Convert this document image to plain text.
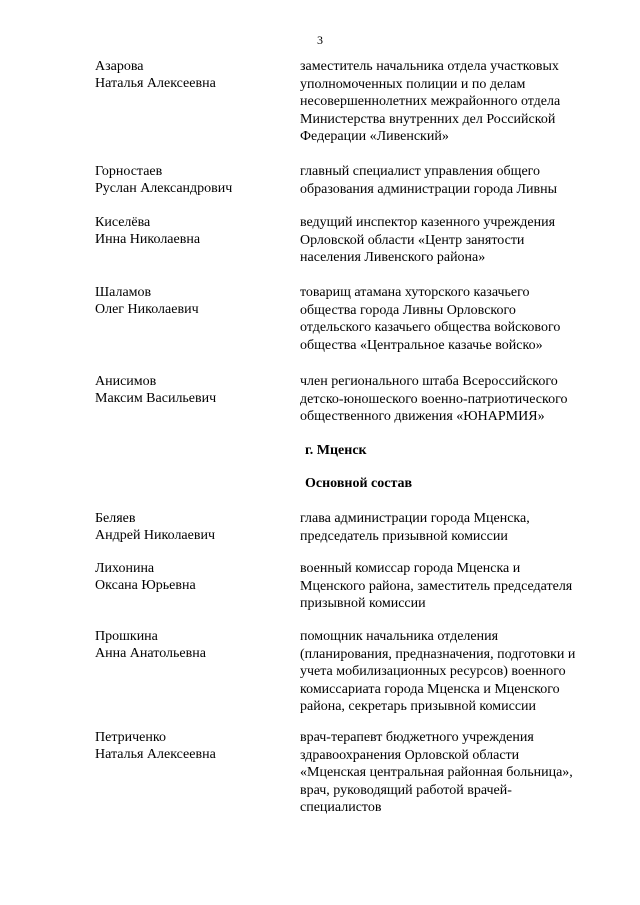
3
Азарова
Наталья Алексеевна
заместитель начальника отдела участковых
уполномоченных полиции и по делам
несовершеннолетних межрайонного отдела
Министерства внутренних дел Российской
Федерации «Ливенский»
Горностаев
Руслан Александрович
главный специалист управления общего
образования администрации города Ливны
Киселёва
Инна Николаевна
ведущий инспектор казенного учреждения
Орловской области «Центр занятости
населения Ливенского района»
Шаламов
Олег Николаевич
товарищ атамана хуторского казачьего
общества города Ливны Орловского
отдельского казачьего общества войскового
общества «Центральное казачье войско»
Анисимов
Максим Васильевич
член регионального штаба Всероссийского
детско-юношеского военно-патриотического
общественного движения «ЮНАРМИЯ»
г. Мценск
Основной состав
Беляев
Андрей Николаевич
глава администрации города Мценска,
председатель призывной комиссии
Лихонина
Оксана Юрьевна
военный комиссар города Мценска и
Мценского района, заместитель председателя
призывной комиссии
Прошкина
Анна Анатольевна
помощник начальника отделения
(планирования, предназначения, подготовки и
учета мобилизационных ресурсов) военного
комиссариата города Мценска и Мценского
района, секретарь призывной комиссии
Петриченко
Наталья Алексеевна
врач-терапевт бюджетного учреждения
здравоохранения Орловской области
«Мценская центральная районная больница»,
врач, руководящий работой врачей-
специалистов
